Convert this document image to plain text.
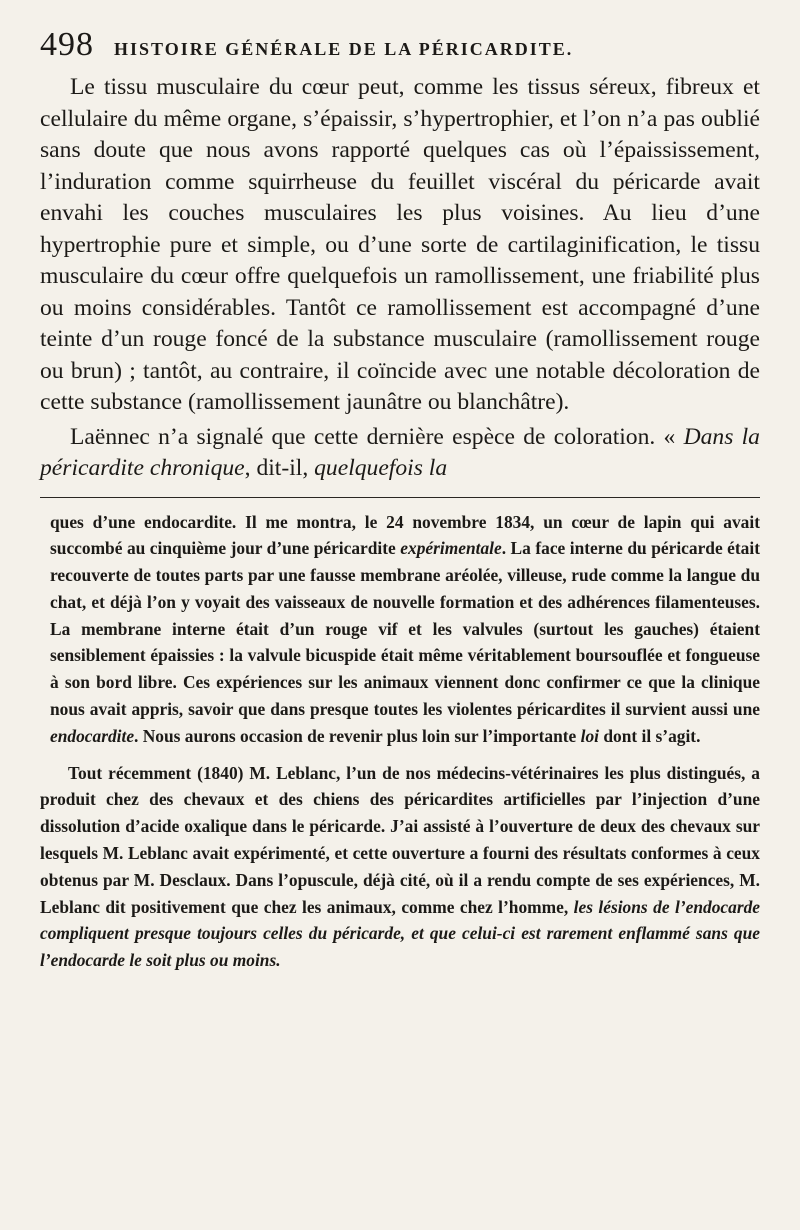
498 HISTOIRE GÉNÉRALE DE LA PÉRICARDITE.

Le tissu musculaire du cœur peut, comme les tissus séreux, fibreux et cellulaire du même organe, s’épaissir, s’hypertrophier, et l’on n’a pas oublié sans doute que nous avons rapporté quelques cas où l’épaississement, l’induration comme squirrheuse du feuillet viscéral du péricarde avait envahi les couches musculaires les plus voisines. Au lieu d’une hypertrophie pure et simple, ou d’une sorte de cartilaginification, le tissu musculaire du cœur offre quelquefois un ramollissement, une friabilité plus ou moins considérables. Tantôt ce ramollissement est accompagné d’une teinte d’un rouge foncé de la substance musculaire (ramollissement rouge ou brun) ; tantôt, au contraire, il coïncide avec une notable décoloration de cette substance (ramollissement jaunâtre ou blanchâtre).

Laënnec n’a signalé que cette dernière espèce de coloration. « Dans la péricardite chronique, dit-il, quelquefois la

ques d’une endocardite. Il me montra, le 24 novembre 1834, un cœur de lapin qui avait succombé au cinquième jour d’une péricardite expérimentale. La face interne du péricarde était recouverte de toutes parts par une fausse membrane aréolée, villeuse, rude comme la langue du chat, et déjà l’on y voyait des vaisseaux de nouvelle formation et des adhérences filamenteuses. La membrane interne était d’un rouge vif et les valvules (surtout les gauches) étaient sensiblement épaissies : la valvule bicuspide était même véritablement boursouflée et fongueuse à son bord libre. Ces expériences sur les animaux viennent donc confirmer ce que la clinique nous avait appris, savoir que dans presque toutes les violentes péricardites il survient aussi une endocardite. Nous aurons occasion de revenir plus loin sur l’importante loi dont il s’agit.

Tout récemment (1840) M. Leblanc, l’un de nos médecins-vétérinaires les plus distingués, a produit chez des chevaux et des chiens des péricardites artificielles par l’injection d’une dissolution d’acide oxalique dans le péricarde. J’ai assisté à l’ouverture de deux des chevaux sur lesquels M. Leblanc avait expérimenté, et cette ouverture a fourni des résultats conformes à ceux obtenus par M. Desclaux. Dans l’opuscule, déjà cité, où il a rendu compte de ses expériences, M. Leblanc dit positivement que chez les animaux, comme chez l’homme, les lésions de l’endocarde compliquent presque toujours celles du péricarde, et que celui-ci est rarement enflammé sans que l’endocarde le soit plus ou moins.
